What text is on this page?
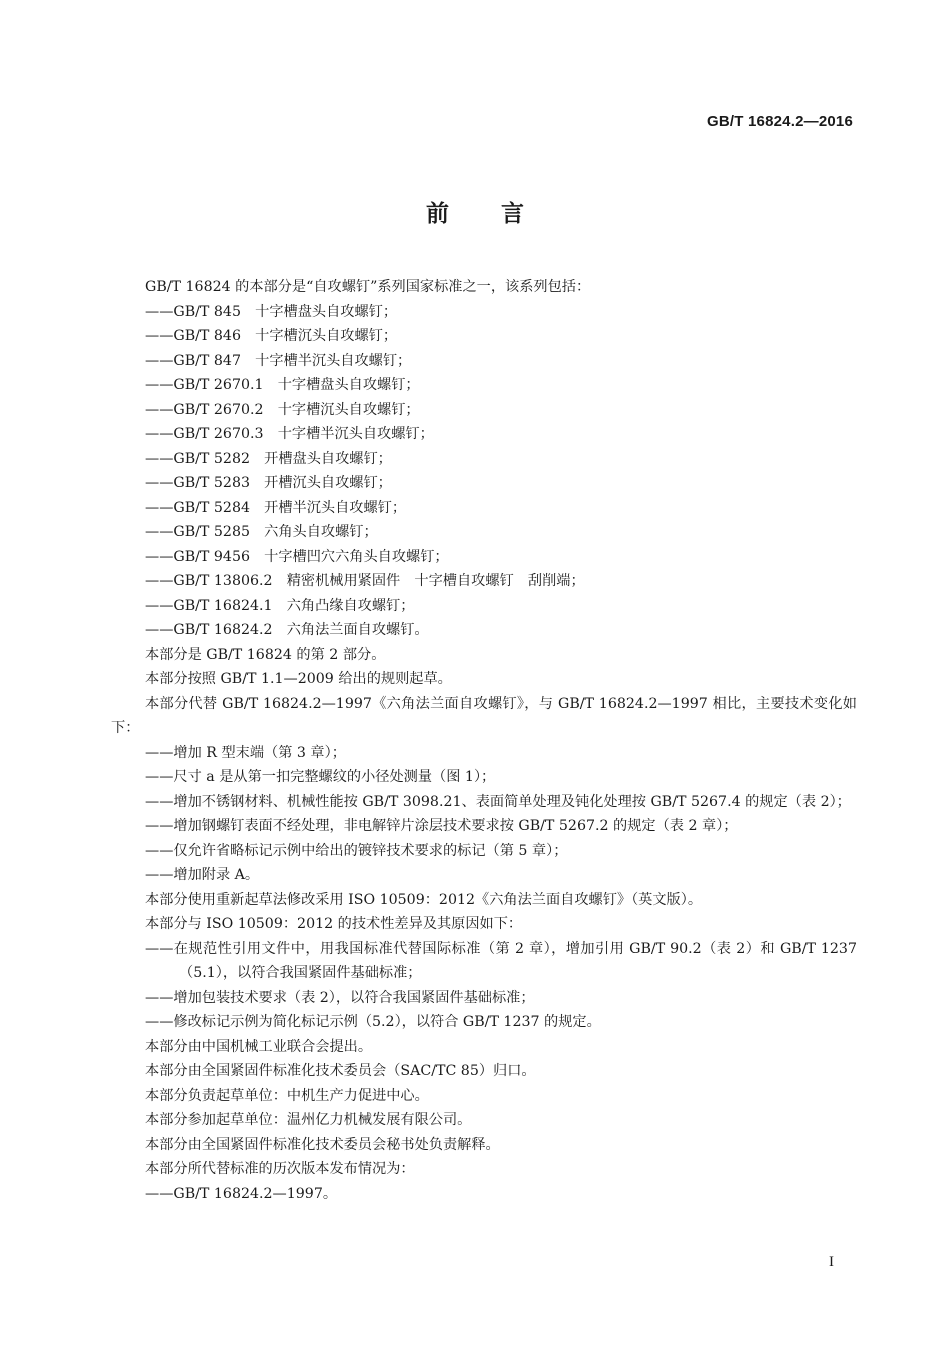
GB/T 16824.2—2016
前言

GB/T 16824 的本部分是“自攻螺钉”系列国家标准之一，该系列包括：

——GB/T 845　十字槽盘头自攻螺钉；

——GB/T 846　十字槽沉头自攻螺钉；

——GB/T 847　十字槽半沉头自攻螺钉；

——GB/T 2670.1　十字槽盘头自攻螺钉；

——GB/T 2670.2　十字槽沉头自攻螺钉；

——GB/T 2670.3　十字槽半沉头自攻螺钉；

——GB/T 5282　开槽盘头自攻螺钉；

——GB/T 5283　开槽沉头自攻螺钉；

——GB/T 5284　开槽半沉头自攻螺钉；

——GB/T 5285　六角头自攻螺钉；

——GB/T 9456　十字槽凹穴六角头自攻螺钉；

——GB/T 13806.2　精密机械用紧固件　十字槽自攻螺钉　刮削端；

——GB/T 16824.1　六角凸缘自攻螺钉；

——GB/T 16824.2　六角法兰面自攻螺钉。

本部分是 GB/T 16824 的第 2 部分。

本部分按照 GB/T 1.1—2009 给出的规则起草。

本部分代替 GB/T 16824.2—1997《六角法兰面自攻螺钉》，与 GB/T 16824.2—1997 相比，主要技术变化如下：

——增加 R 型末端（第 3 章）；

——尺寸 a 是从第一扣完整螺纹的小径处测量（图 1）；

——增加不锈钢材料、机械性能按 GB/T 3098.21、表面简单处理及钝化处理按 GB/T 5267.4 的规定（表 2）；

——增加钢螺钉表面不经处理，非电解锌片涂层技术要求按 GB/T 5267.2 的规定（表 2 章）；

——仅允许省略标记示例中给出的镀锌技术要求的标记（第 5 章）；

——增加附录 A。

本部分使用重新起草法修改采用 ISO 10509：2012《六角法兰面自攻螺钉》（英文版）。

本部分与 ISO 10509：2012 的技术性差异及其原因如下：

——在规范性引用文件中，用我国标准代替国际标准（第 2 章），增加引用 GB/T 90.2（表 2）和 GB/T 1237（5.1），以符合我国紧固件基础标准；

——增加包装技术要求（表 2），以符合我国紧固件基础标准；

——修改标记示例为简化标记示例（5.2），以符合 GB/T 1237 的规定。

本部分由中国机械工业联合会提出。

本部分由全国紧固件标准化技术委员会（SAC/TC 85）归口。

本部分负责起草单位：中机生产力促进中心。

本部分参加起草单位：温州亿力机械发展有限公司。

本部分由全国紧固件标准化技术委员会秘书处负责解释。

本部分所代替标准的历次版本发布情况为：

——GB/T 16824.2—1997。

I
